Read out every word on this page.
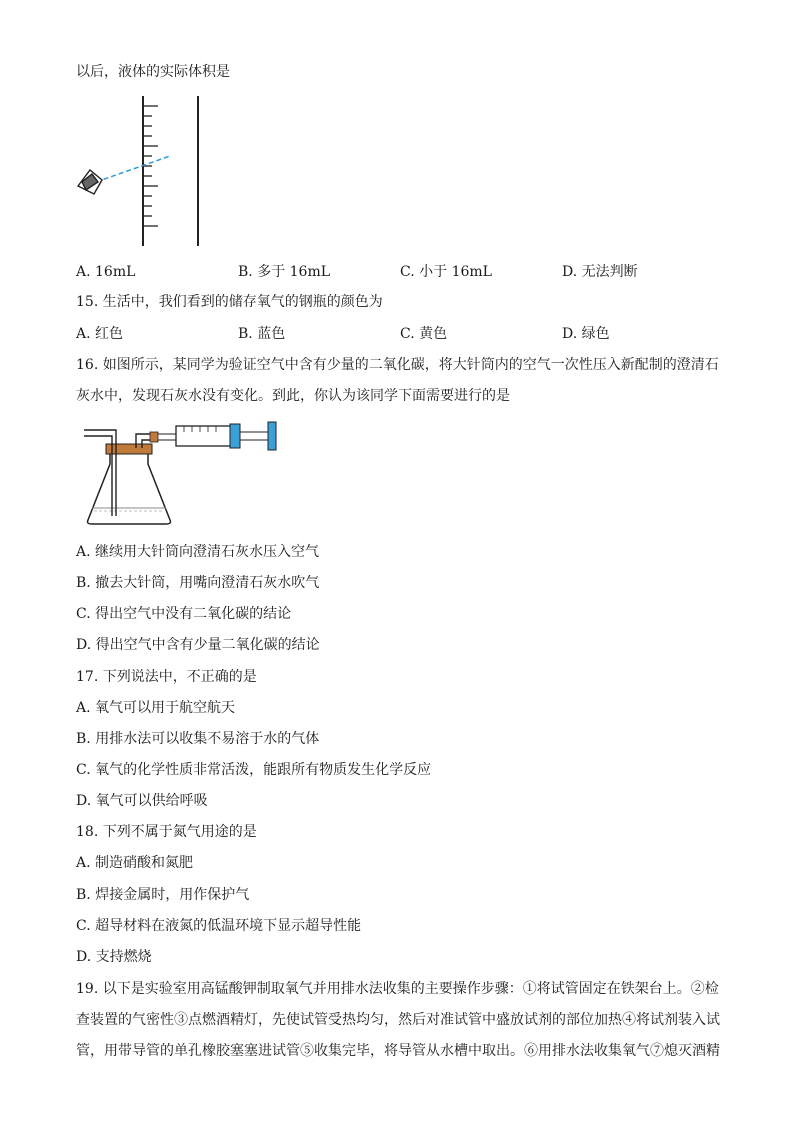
以后，液体的实际体积是
A. 16mL	B. 多于 16mL	C. 小于 16mL	D. 无法判断
15. 生活中，我们看到的储存氧气的钢瓶的颜色为
A. 红色	B. 蓝色	C. 黄色	D. 绿色
16. 如图所示，某同学为验证空气中含有少量的二氧化碳，将大针筒内的空气一次性压入新配制的澄清石
灰水中，发现石灰水没有变化。到此，你认为该同学下面需要进行的是
A. 继续用大针筒向澄清石灰水压入空气
B. 撤去大针筒，用嘴向澄清石灰水吹气
C. 得出空气中没有二氧化碳的结论
D. 得出空气中含有少量二氧化碳的结论
17. 下列说法中，不正确的是
A. 氧气可以用于航空航天
B. 用排水法可以收集不易溶于水的气体
C. 氧气的化学性质非常活泼，能跟所有物质发生化学反应
D. 氧气可以供给呼吸
18. 下列不属于氮气用途的是
A. 制造硝酸和氮肥
B. 焊接金属时，用作保护气
C. 超导材料在液氮的低温环境下显示超导性能
D. 支持燃烧
19. 以下是实验室用高锰酸钾制取氧气并用排水法收集的主要操作步骤：①将试管固定在铁架台上。②检
查装置的气密性③点燃酒精灯，先使试管受热均匀，然后对准试管中盛放试剂的部位加热④将试剂装入试
管，用带导管的单孔橡胶塞塞进试管⑤收集完毕，将导管从水槽中取出。⑥用排水法收集氧气⑦熄灭酒精
